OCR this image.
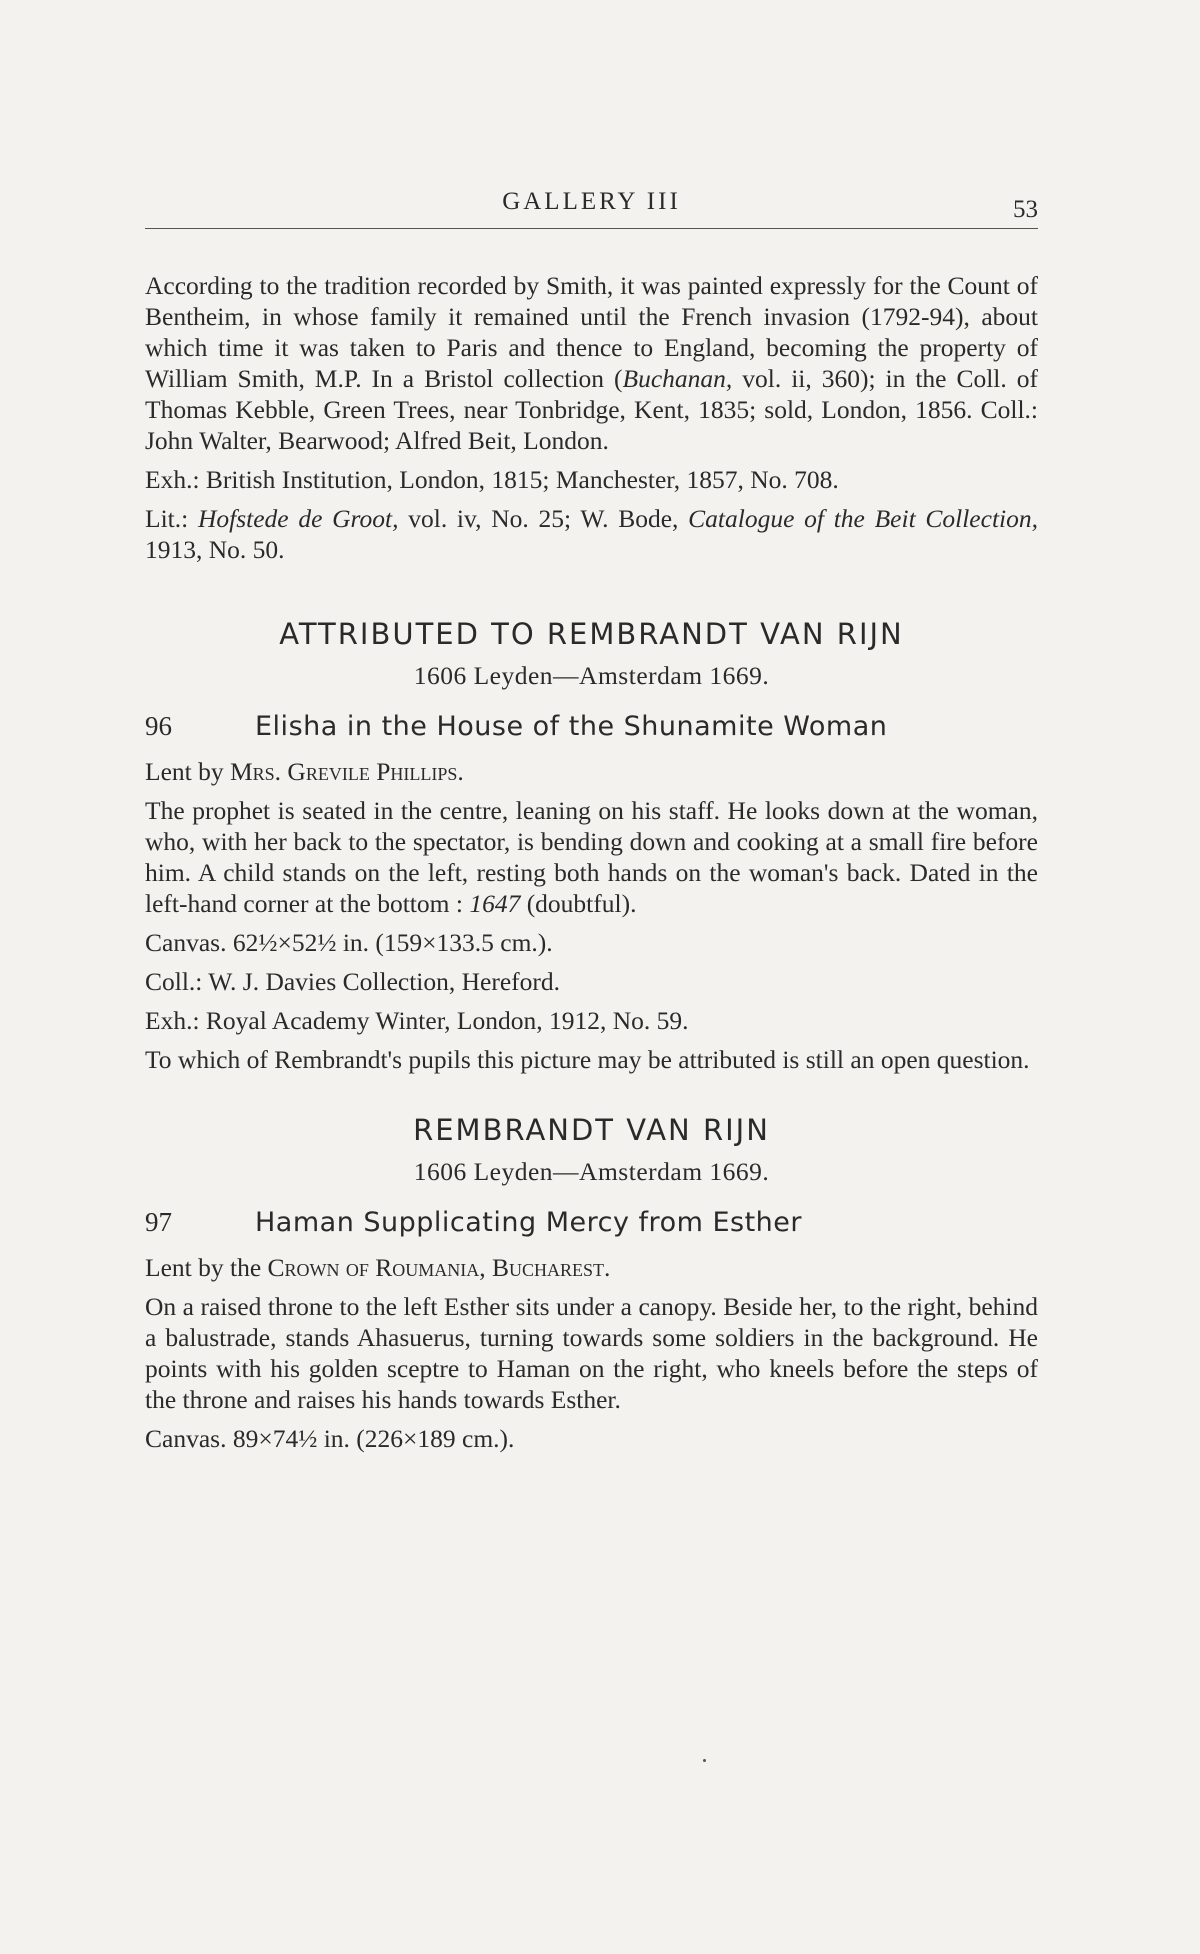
GALLERY III	53

According to the tradition recorded by Smith, it was painted expressly for the Count of Bentheim, in whose family it remained until the French invasion (1792-94), about which time it was taken to Paris and thence to England, becoming the property of William Smith, M.P. In a Bristol collection (Buchanan, vol. ii, 360); in the Coll. of Thomas Kebble, Green Trees, near Tonbridge, Kent, 1835; sold, London, 1856. Coll.: John Walter, Bearwood; Alfred Beit, London.

Exh.: British Institution, London, 1815; Manchester, 1857, No. 708.

Lit.: Hofstede de Groot, vol. iv, No. 25; W. Bode, Catalogue of the Beit Collection, 1913, No. 50.

ATTRIBUTED TO REMBRANDT VAN RIJN
1606 Leyden—Amsterdam 1669.
96	Elisha in the House of the Shunamite Woman

Lent by Mrs. Grevile Phillips.

The prophet is seated in the centre, leaning on his staff. He looks down at the woman, who, with her back to the spectator, is bending down and cooking at a small fire before him. A child stands on the left, resting both hands on the woman's back. Dated in the left-hand corner at the bottom : 1647 (doubtful).

Canvas. 62½×52½ in. (159×133.5 cm.).

Coll.: W. J. Davies Collection, Hereford.

Exh.: Royal Academy Winter, London, 1912, No. 59.

To which of Rembrandt's pupils this picture may be attributed is still an open question.

REMBRANDT VAN RIJN
1606 Leyden—Amsterdam 1669.
97	Haman Supplicating Mercy from Esther

Lent by the Crown of Roumania, Bucharest.

On a raised throne to the left Esther sits under a canopy. Beside her, to the right, behind a balustrade, stands Ahasuerus, turning towards some soldiers in the background. He points with his golden sceptre to Haman on the right, who kneels before the steps of the throne and raises his hands towards Esther.

Canvas. 89×74½ in. (226×189 cm.).
